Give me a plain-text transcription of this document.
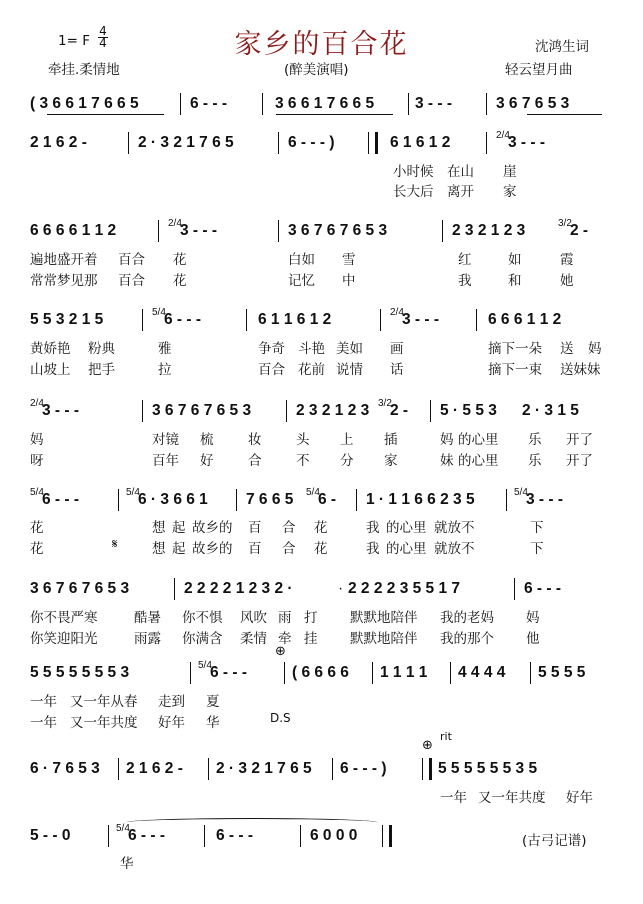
1= F
4
4	家乡的百合花	沈鸿生词
牵挂.柔情地	(醉美演唱)	轻云望月曲
( 3 6 6 1 7 6 6 5	6 - - -	3 6 6 1 7 6 6 5	3 - - -	3 6 7 6 5 3
2 1 6 2 -	2 · 3 2 1 7 6 5	6 - - - )	6 1 6 1 2	2/4
3 - - -
小时候 在山 崖
长大后 离开 家
6 6 6 6 1 1 2	2/4
3 - - -	3 6 7 6 7 6 5 3	2 3 2 1 2 3	3/2
2 -
遍地盛开着 百合 花	白如 雪	红	如	霞
常常梦见那 百合 花	记忆 中	我	和	她
5 5 3 2 1 5	5/4
6 - - -	6 1 1 6 1 2	2/4
3 - - -	6 6 6 1 1 2
黄娇艳 粉典	雅	争奇 斗艳 美如 画	摘下一朵 送 妈
山坡上 把手	拉	百合 花前 说情 话	摘下一束 送妹妹
2/4
3 - - -	3 6 7 6 7 6 5 3	2 3 2 1 2 3 3/2
2 - 5 · 5 5 3 2 · 3 1 5
妈	对镜 梳	妆	头 上 插	妈 的心里 乐 开了
呀	百年 好	合	不 分 家	妹 的心里 乐 开了
5/4
6 - - -	5/4
6 · 3 6 6 1 7 6 6 5 5/4
6 - 1 · 1 1 6 6 2 3 5	5/4
3 - - -
花	想 起 故乡的 百 合 花	我 的心里 就放不	下
花	𝄋	想 起 故乡的 百 合 花	我 的心里 就放不	下
3 6 7 6 7 6 5 3	2 2 2 2 1 2 3 2 ·	· 2 2 2 2 3 5 5 1 7	6 - - -
你不畏严寒	酷暑 你不惧 风吹 雨 打 默默地陪伴 我的老妈 妈
你笑迎阳光	雨露 你满含 柔情 牵 挂 默默地陪伴 我的那个 他
⊕
5 5 5 5 5 5 5 3	5/4
6 - - -	( 6 6 6 6 1 1 1 1 4 4 4 4 5 5 5 5
一年 又一年从春 走到 夏
一年 又一年共度 好年 华	D.S
⊕
rit
6 · 7 6 5 3 2 1 6 2 - 2 · 3 2 1 7 6 5 6 - - - )	5 5 5 5 5 5 3 5
一年 又一年共度 好年
5 - - 0	5/4
6 - - -	6 - - -	6 0 0 0
华
(古弓记谱)
